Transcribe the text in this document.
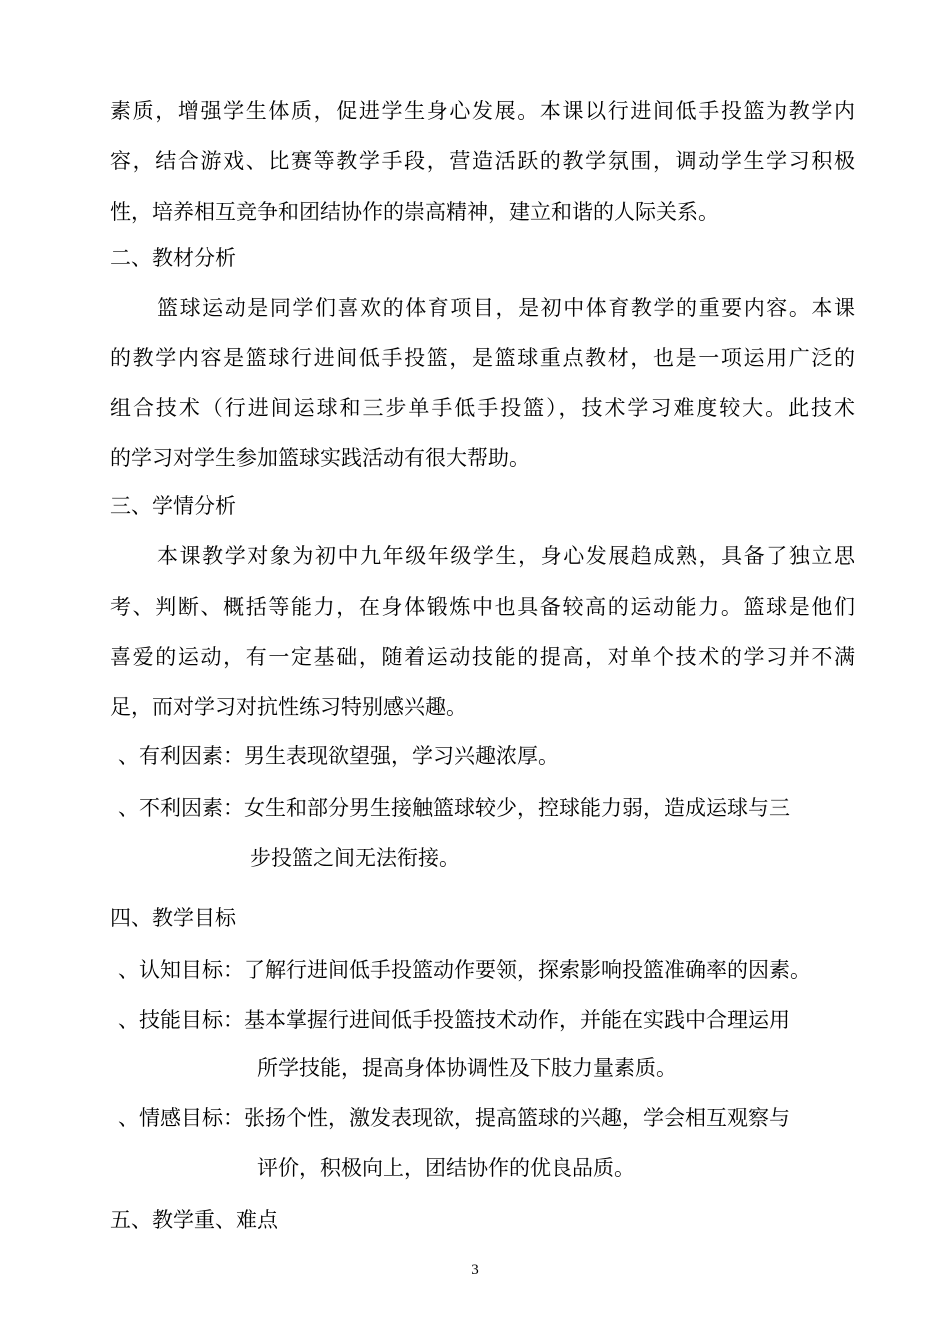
素质，增强学生体质，促进学生身心发展。本课以行进间低手投篮为教学内
容，结合游戏、比赛等教学手段，营造活跃的教学氛围，调动学生学习积极
性，培养相互竞争和团结协作的崇高精神，建立和谐的人际关系。
二、教材分析
篮球运动是同学们喜欢的体育项目，是初中体育教学的重要内容。本课
的教学内容是篮球行进间低手投篮，是篮球重点教材，也是一项运用广泛的
组合技术（行进间运球和三步单手低手投篮），技术学习难度较大。此技术
的学习对学生参加篮球实践活动有很大帮助。
三、学情分析
本课教学对象为初中九年级年级学生，身心发展趋成熟，具备了独立思
考、判断、概括等能力，在身体锻炼中也具备较高的运动能力。篮球是他们
喜爱的运动，有一定基础，随着运动技能的提高，对单个技术的学习并不满
足，而对学习对抗性练习特别感兴趣。
、有利因素：男生表现欲望强，学习兴趣浓厚。
、不利因素：女生和部分男生接触篮球较少，控球能力弱，造成运球与三
步投篮之间无法衔接。
四、教学目标
、认知目标：了解行进间低手投篮动作要领，探索影响投篮准确率的因素。
、技能目标：基本掌握行进间低手投篮技术动作，并能在实践中合理运用
所学技能，提高身体协调性及下肢力量素质。
、情感目标：张扬个性，激发表现欲，提高篮球的兴趣，学会相互观察与
评价，积极向上，团结协作的优良品质。
五、教学重、难点
3
